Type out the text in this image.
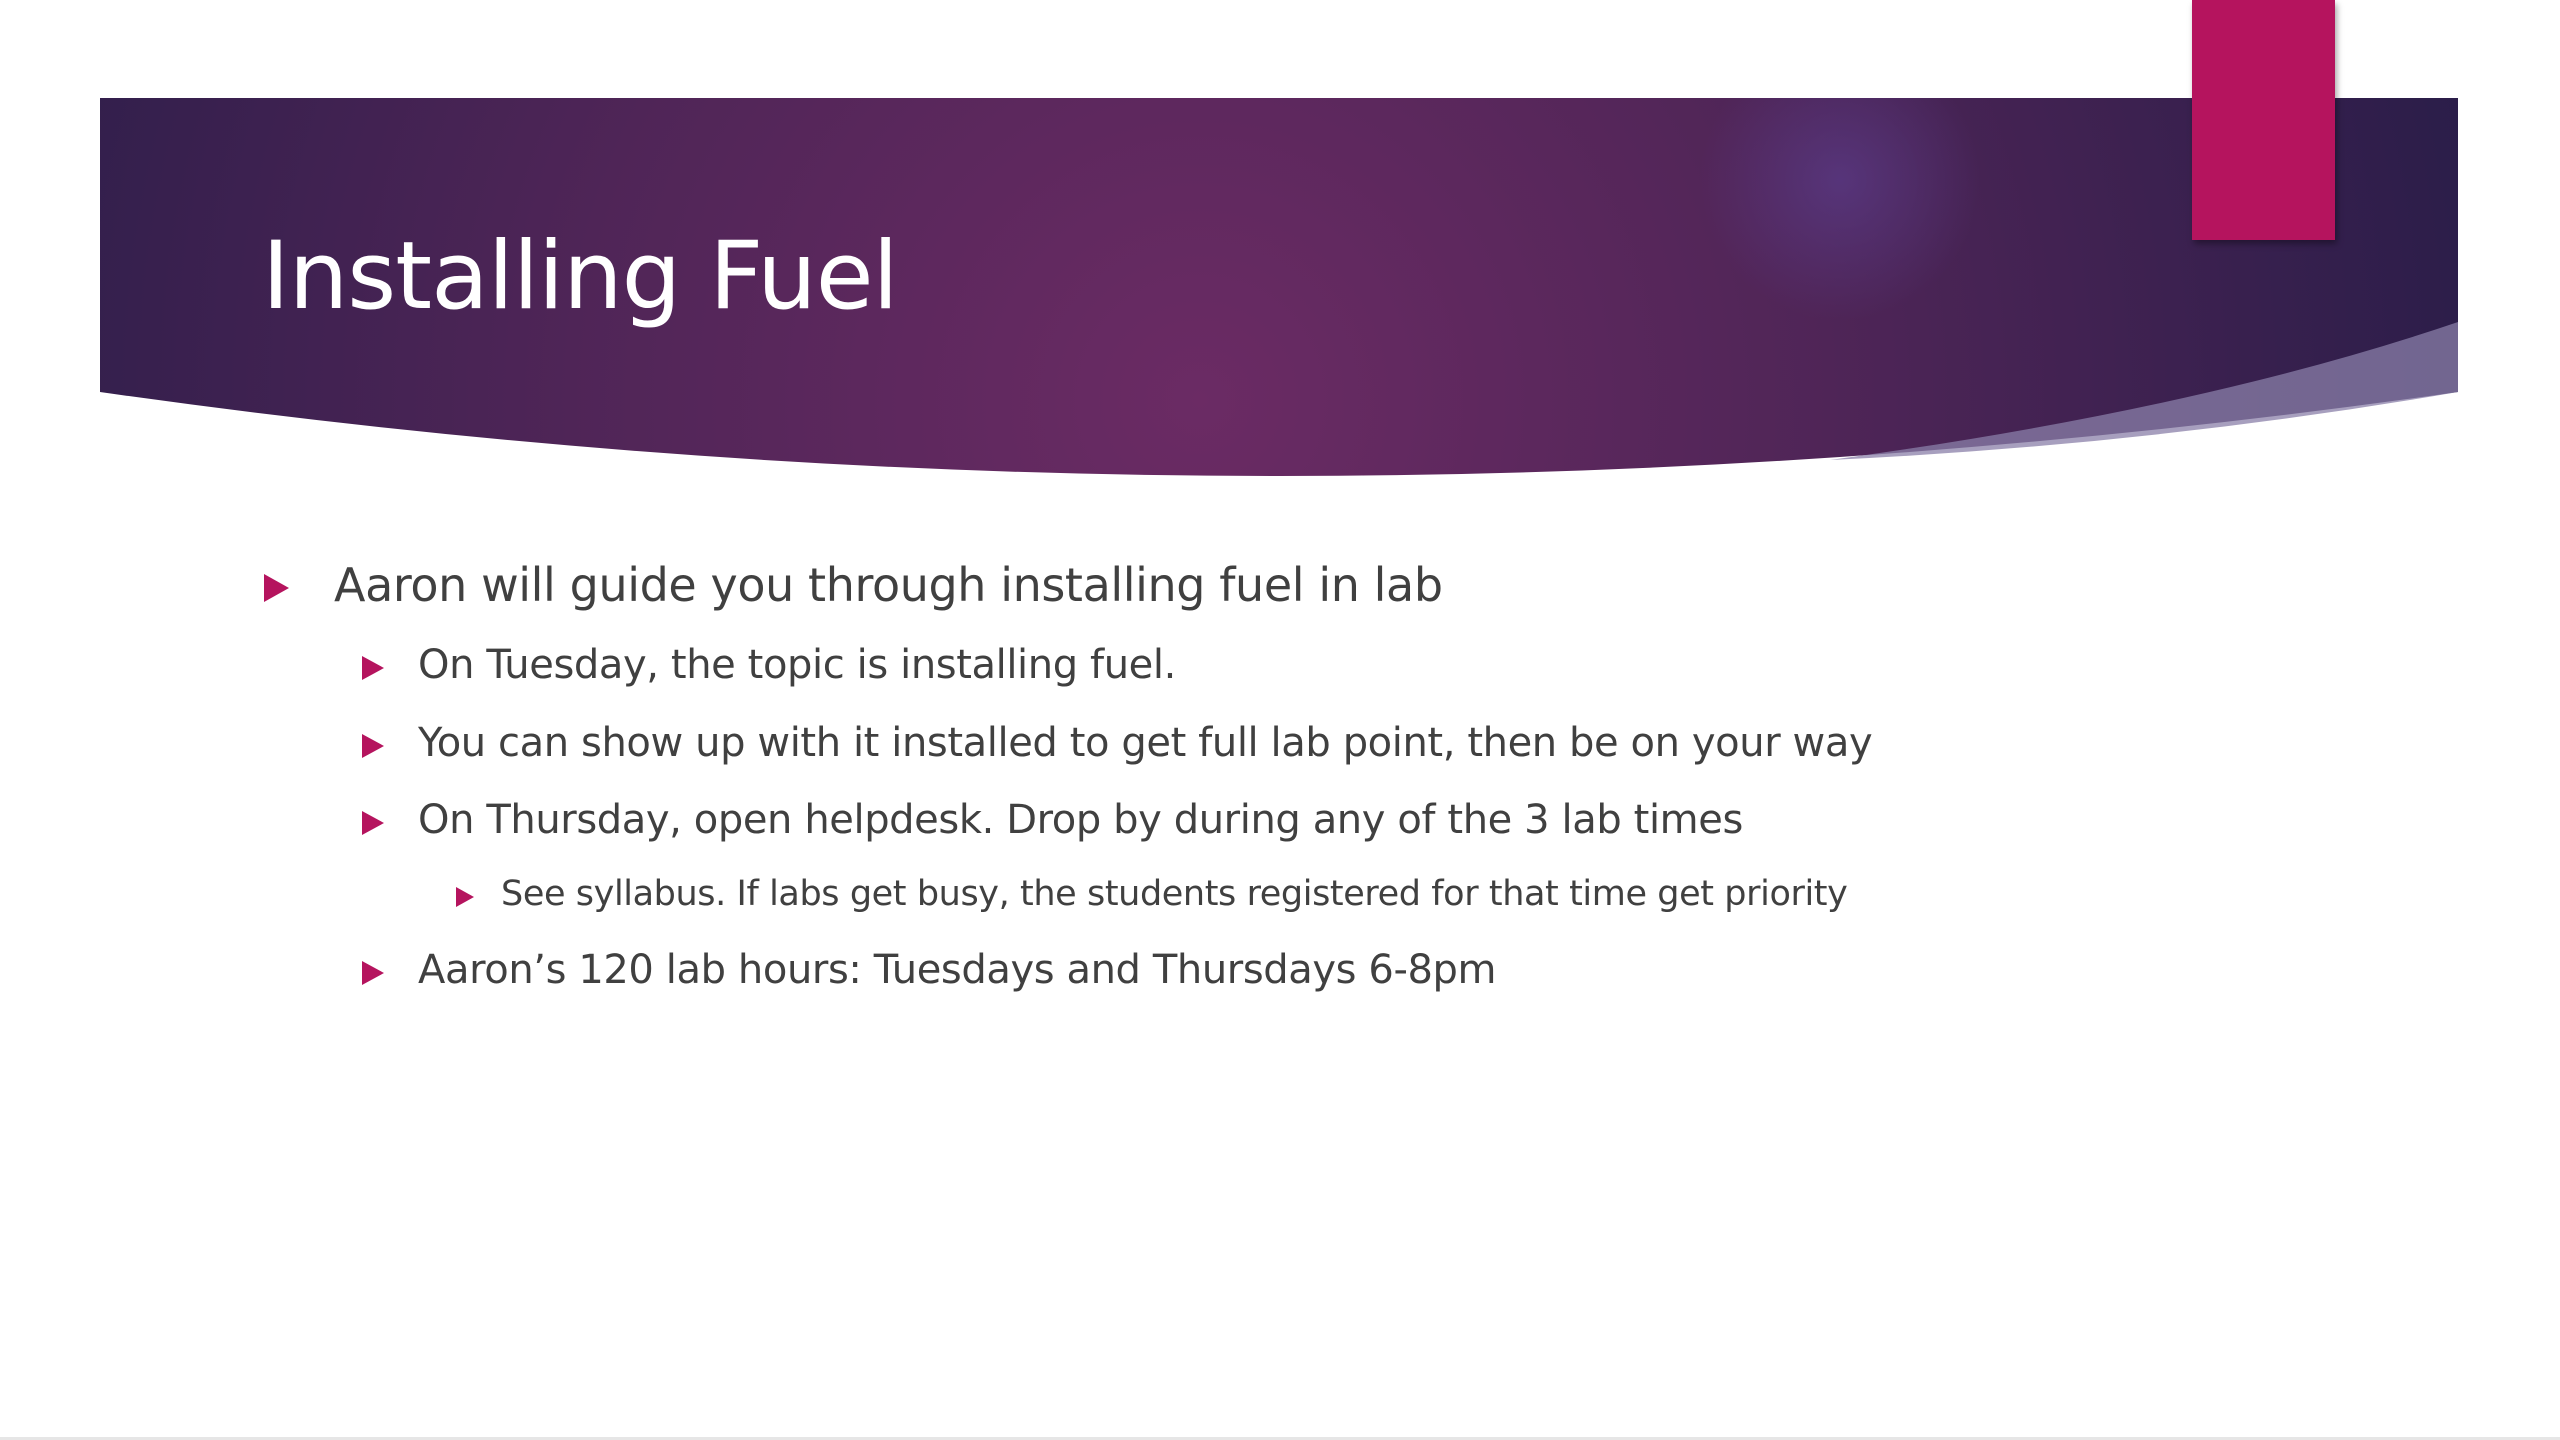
Installing Fuel
Aaron will guide you through installing fuel in lab
On Tuesday, the topic is installing fuel.
You can show up with it installed to get full lab point, then be on your way
On Thursday, open helpdesk. Drop by during any of the 3 lab times
See syllabus. If labs get busy, the students registered for that time get priority
Aaron’s 120 lab hours: Tuesdays and Thursdays 6-8pm
